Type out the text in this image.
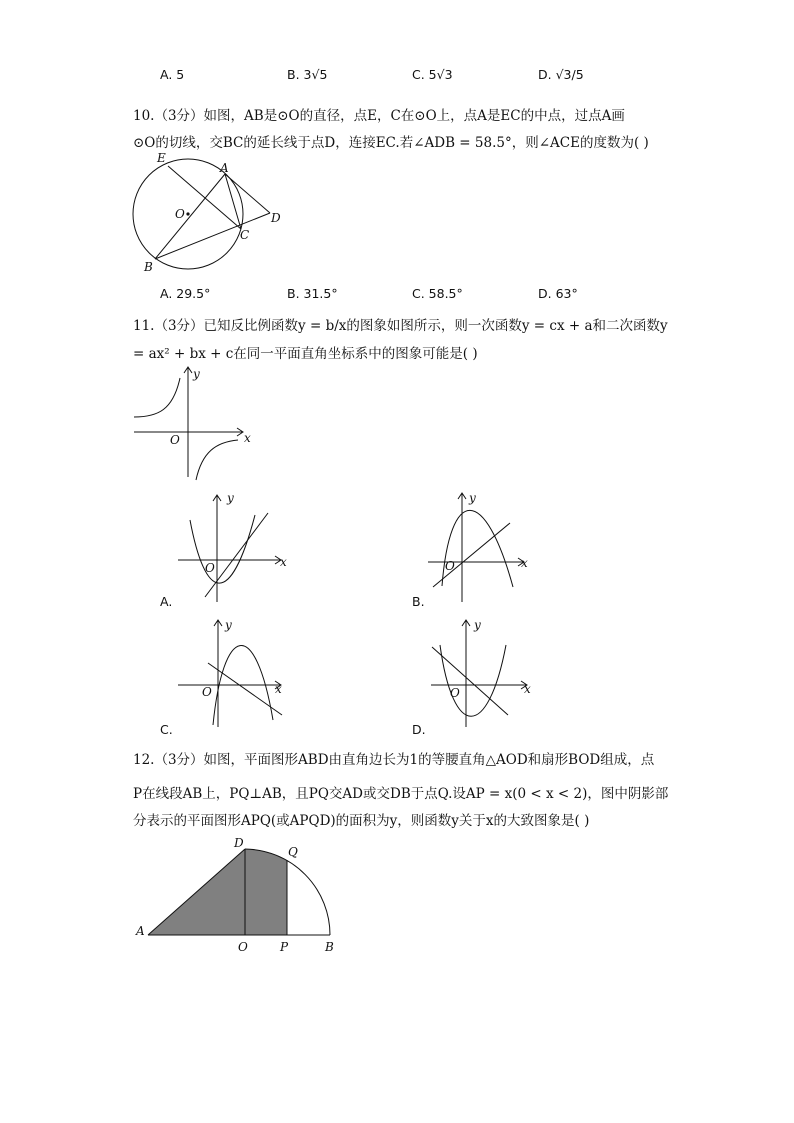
A. 5	B. 3√5	C. 5√3	D. √3/5
10.（3分）如图，AB是⊙O的直径，点E，C在⊙O上，点A是EC的中点，过点A画
⊙O的切线，交BC的延长线于点D，连接EC.若∠ADB = 58.5°，则∠ACE的度数为( )
E
A
O	D
C
B
A. 29.5°	B. 31.5°	C. 58.5°	D. 63°
11.（3分）已知反比例函数y = b/x的图象如图所示，则一次函数y = cx + a和二次函数y
= ax² + bx + c在同一平面直角坐标系中的图象可能是( )
y
x
O
y
x
O
A.
y
x
O
B.
y
x
O
C.
y
x
O
D.
12.（3分）如图，平面图形ABD由直角边长为1的等腰直角△AOD和扇形BOD组成，点
P在线段AB上，PQ⊥AB，且PQ交AD或交DB于点Q.设AP = x(0 < x < 2)，图中阴影部
分表示的平面图形APQ(或APQD)的面积为y，则函数y关于x的大致图象是( )
D
Q
A
O	P	B
